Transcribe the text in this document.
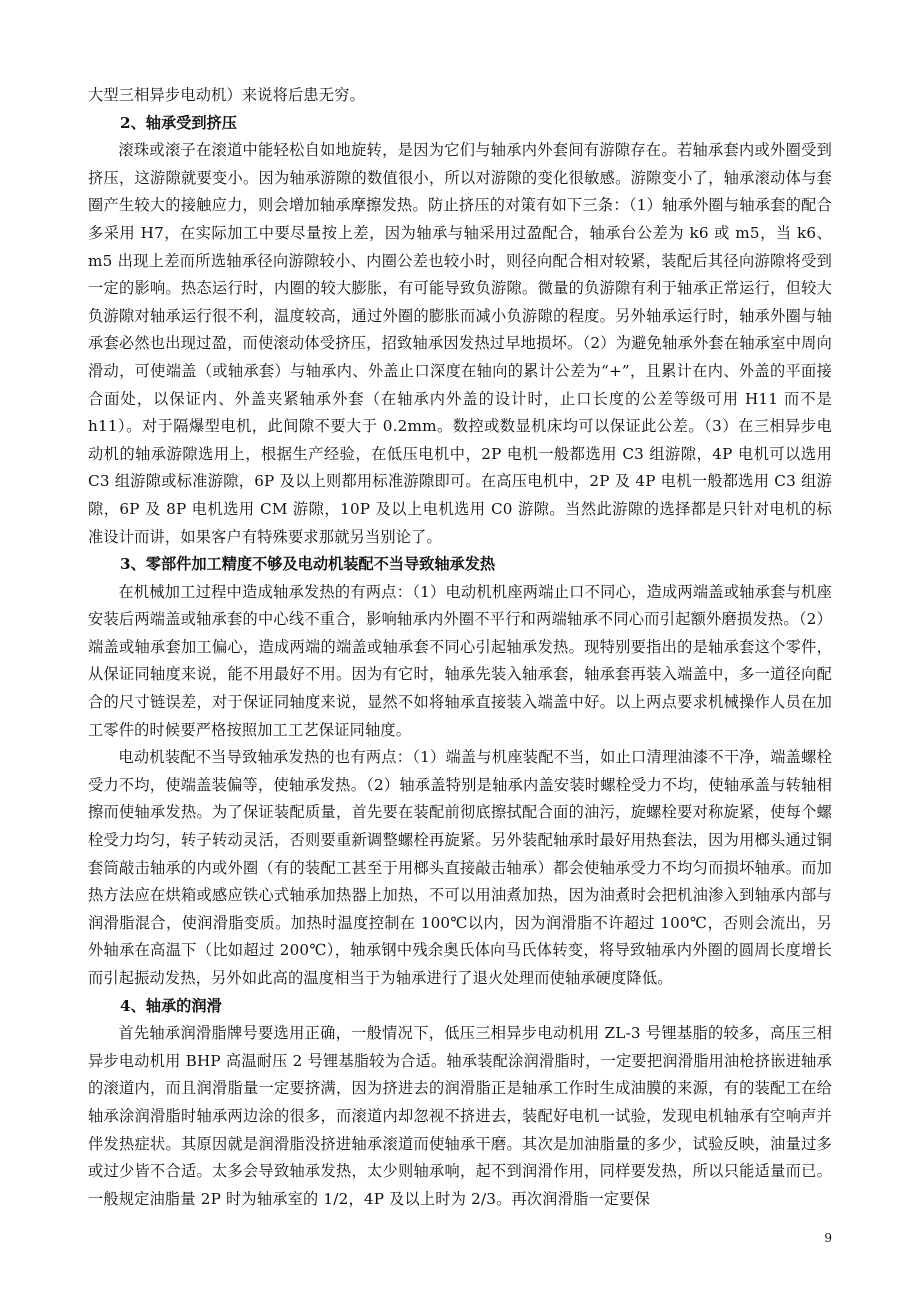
大型三相异步电动机）来说将后患无穷。

2、轴承受到挤压

滚珠或滚子在滚道中能轻松自如地旋转，是因为它们与轴承内外套间有游隙存在。若轴承套内或外圈受到挤压，这游隙就要变小。因为轴承游隙的数值很小，所以对游隙的变化很敏感。游隙变小了，轴承滚动体与套圈产生较大的接触应力，则会增加轴承摩擦发热。防止挤压的对策有如下三条：（1）轴承外圈与轴承套的配合多采用 H7，在实际加工中要尽量按上差，因为轴承与轴采用过盈配合，轴承台公差为 k6 或 m5，当 k6、m5 出现上差而所选轴承径向游隙较小、内圈公差也较小时，则径向配合相对较紧，装配后其径向游隙将受到一定的影响。热态运行时，内圈的较大膨胀，有可能导致负游隙。微量的负游隙有利于轴承正常运行，但较大负游隙对轴承运行很不利，温度较高，通过外圈的膨胀而减小负游隙的程度。另外轴承运行时，轴承外圈与轴承套必然也出现过盈，而使滚动体受挤压，招致轴承因发热过早地损坏。（2）为避免轴承外套在轴承室中周向滑动，可使端盖（或轴承套）与轴承内、外盖止口深度在轴向的累计公差为“+”，且累计在内、外盖的平面接合面处，以保证内、外盖夹紧轴承外套（在轴承内外盖的设计时，止口长度的公差等级可用 H11 而不是 h11）。对于隔爆型电机，此间隙不要大于 0.2mm。数控或数显机床均可以保证此公差。（3）在三相异步电动机的轴承游隙选用上，根据生产经验，在低压电机中，2P 电机一般都选用 C3 组游隙，4P 电机可以选用 C3 组游隙或标准游隙，6P 及以上则都用标准游隙即可。在高压电机中，2P 及 4P 电机一般都选用 C3 组游隙，6P 及 8P 电机选用 CM 游隙，10P 及以上电机选用 C0 游隙。当然此游隙的选择都是只针对电机的标准设计而讲，如果客户有特殊要求那就另当别论了。

3、零部件加工精度不够及电动机装配不当导致轴承发热

在机械加工过程中造成轴承发热的有两点：（1）电动机机座两端止口不同心，造成两端盖或轴承套与机座安装后两端盖或轴承套的中心线不重合，影响轴承内外圈不平行和两端轴承不同心而引起额外磨损发热。（2）端盖或轴承套加工偏心，造成两端的端盖或轴承套不同心引起轴承发热。现特别要指出的是轴承套这个零件，从保证同轴度来说，能不用最好不用。因为有它时，轴承先装入轴承套，轴承套再装入端盖中，多一道径向配合的尺寸链误差，对于保证同轴度来说，显然不如将轴承直接装入端盖中好。以上两点要求机械操作人员在加工零件的时候要严格按照加工工艺保证同轴度。

电动机装配不当导致轴承发热的也有两点：（1）端盖与机座装配不当，如止口清理油漆不干净，端盖螺栓受力不均，使端盖装偏等，使轴承发热。（2）轴承盖特别是轴承内盖安装时螺栓受力不均，使轴承盖与转轴相擦而使轴承发热。为了保证装配质量，首先要在装配前彻底擦拭配合面的油污，旋螺栓要对称旋紧，使每个螺栓受力均匀，转子转动灵活，否则要重新调整螺栓再旋紧。另外装配轴承时最好用热套法，因为用榔头通过铜套筒敲击轴承的内或外圈（有的装配工甚至于用榔头直接敲击轴承）都会使轴承受力不均匀而损坏轴承。而加热方法应在烘箱或感应铁心式轴承加热器上加热，不可以用油煮加热，因为油煮时会把机油渗入到轴承内部与润滑脂混合，使润滑脂变质。加热时温度控制在 100℃以内，因为润滑脂不许超过 100℃，否则会流出，另外轴承在高温下（比如超过 200℃），轴承钢中残余奥氏体向马氏体转变，将导致轴承内外圈的圆周长度增长而引起振动发热，另外如此高的温度相当于为轴承进行了退火处理而使轴承硬度降低。

4、轴承的润滑

首先轴承润滑脂牌号要选用正确，一般情况下，低压三相异步电动机用 ZL-3 号锂基脂的较多，高压三相异步电动机用 BHP 高温耐压 2 号锂基脂较为合适。轴承装配涂润滑脂时，一定要把润滑脂用油枪挤嵌进轴承的滚道内，而且润滑脂量一定要挤满，因为挤进去的润滑脂正是轴承工作时生成油膜的来源，有的装配工在给轴承涂润滑脂时轴承两边涂的很多，而滚道内却忽视不挤进去，装配好电机一试验，发现电机轴承有空响声并伴发热症状。其原因就是润滑脂没挤进轴承滚道而使轴承干磨。其次是加油脂量的多少，试验反映，油量过多或过少皆不合适。太多会导致轴承发热，太少则轴承响，起不到润滑作用，同样要发热，所以只能适量而已。一般规定油脂量 2P 时为轴承室的 1/2，4P 及以上时为 2/3。再次润滑脂一定要保

9
